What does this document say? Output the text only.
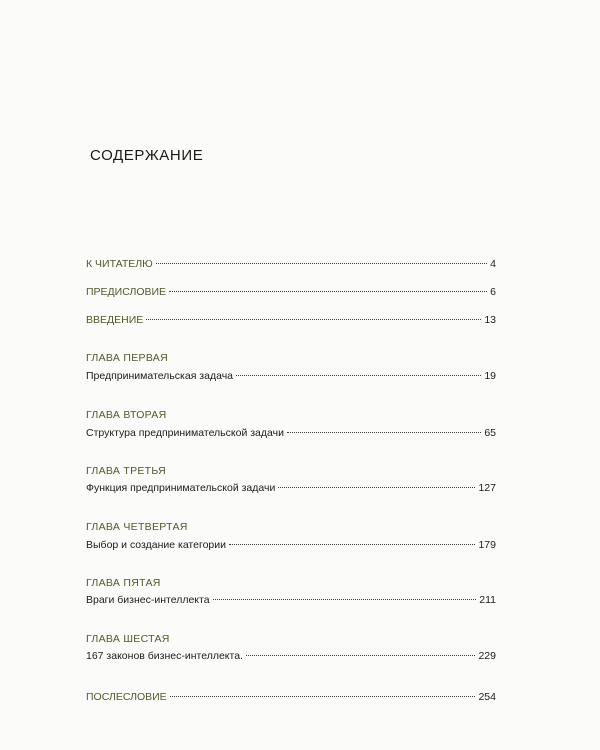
СОДЕРЖАНИЕ
К ЧИТАТЕЛЮ	4
ПРЕДИСЛОВИЕ	6
ВВЕДЕНИЕ	13
ГЛАВА ПЕРВАЯ
Предпринимательская задача	19
ГЛАВА ВТОРАЯ
Структура предпринимательской задачи	65
ГЛАВА ТРЕТЬЯ
Функция предпринимательской задачи	127
ГЛАВА ЧЕТВЕРТАЯ
Выбор и создание категории	179
ГЛАВА ПЯТАЯ
Враги бизнес-интеллекта	211
ГЛАВА ШЕСТАЯ
167 законов бизнес-интеллекта.	229
ПОСЛЕСЛОВИЕ	254
